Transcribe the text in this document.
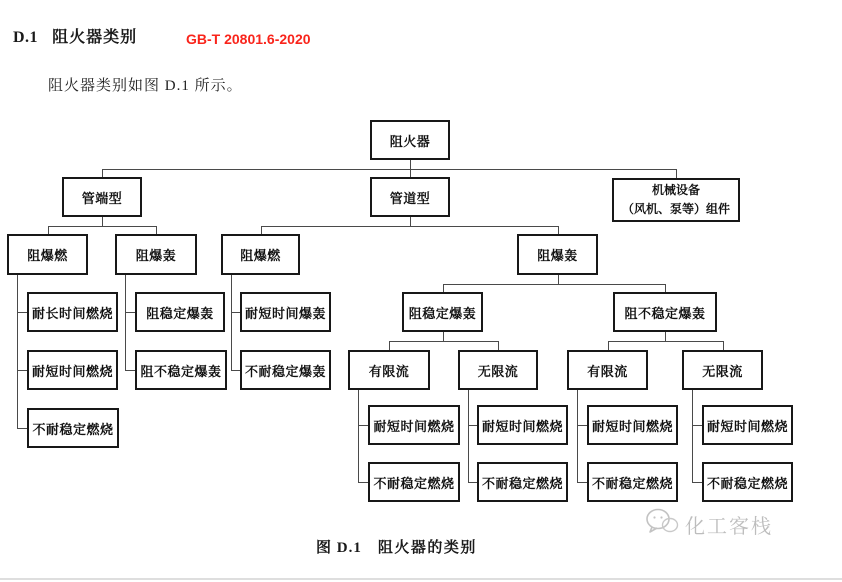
D.1 阻火器类别	GB-T 20801.6-2020
阻火器类别如图 D.1 所示。
阻火器
管端型	管道型
机械设备
（风机、泵等）组件
阻爆燃	阻爆轰	阻爆燃	阻爆轰
耐长时间燃烧
耐短时间燃烧
不耐稳定燃烧
阻稳定爆轰
阻不稳定爆轰
耐短时间爆轰
不耐稳定爆轰
阻稳定爆轰	阻不稳定爆轰
有限流	无限流	有限流	无限流
耐短时间燃烧
不耐稳定燃烧
耐短时间燃烧
不耐稳定燃烧
耐短时间燃烧
不耐稳定燃烧
耐短时间燃烧
不耐稳定燃烧
图 D.1 阻火器的类别
化工客栈
